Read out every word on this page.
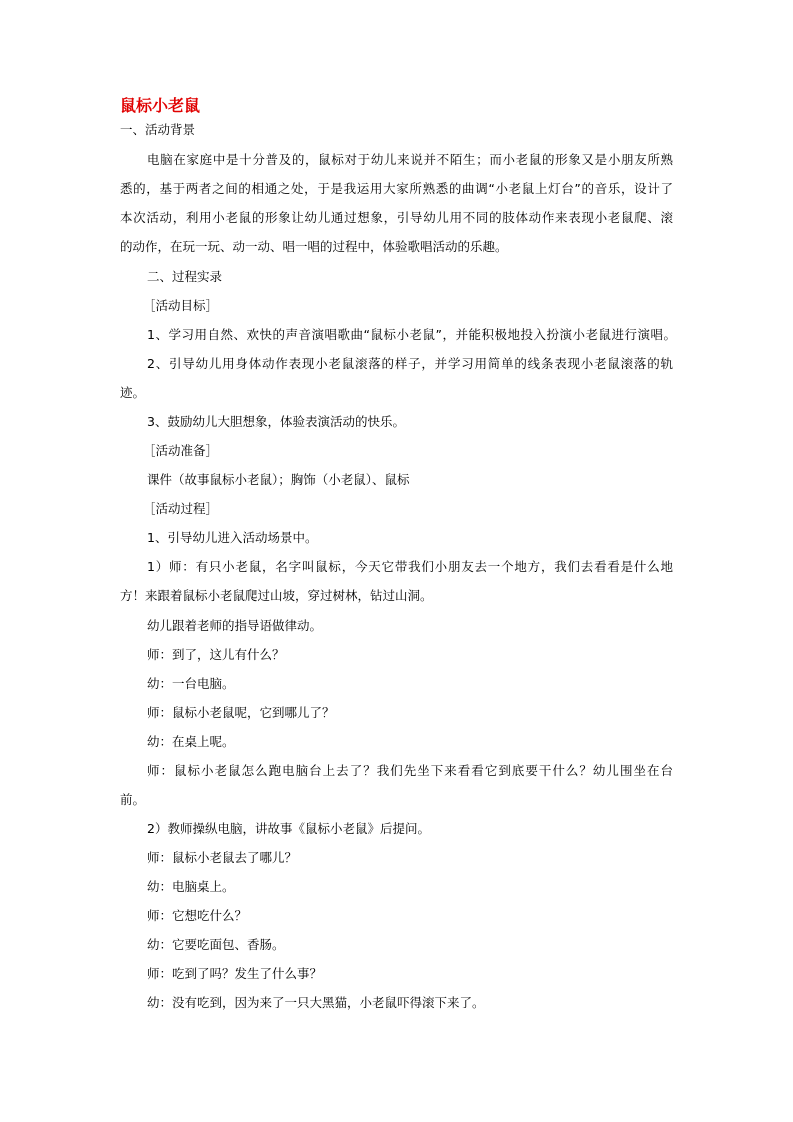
鼠标小老鼠
一、活动背景
电脑在家庭中是十分普及的，鼠标对于幼儿来说并不陌生；而小老鼠的形象又是小朋友所熟
悉的，基于两者之间的相通之处，于是我运用大家所熟悉的曲调“小老鼠上灯台”的音乐，设计了
本次活动，利用小老鼠的形象让幼儿通过想象，引导幼儿用不同的肢体动作来表现小老鼠爬、滚
的动作，在玩一玩、动一动、唱一唱的过程中，体验歌唱活动的乐趣。
二、过程实录
［活动目标］
1、学习用自然、欢快的声音演唱歌曲“鼠标小老鼠”，并能积极地投入扮演小老鼠进行演唱。
2、引导幼儿用身体动作表现小老鼠滚落的样子，并学习用简单的线条表现小老鼠滚落的轨
迹。
3、鼓励幼儿大胆想象，体验表演活动的快乐。
［活动准备］
课件（故事鼠标小老鼠）；胸饰（小老鼠）、鼠标
［活动过程］
1、引导幼儿进入活动场景中。
1）师：有只小老鼠，名字叫鼠标，今天它带我们小朋友去一个地方，我们去看看是什么地
方！来跟着鼠标小老鼠爬过山坡，穿过树林，钻过山洞。
幼儿跟着老师的指导语做律动。
师：到了，这儿有什么？
幼：一台电脑。
师：鼠标小老鼠呢，它到哪儿了？
幼：在桌上呢。
师：鼠标小老鼠怎么跑电脑台上去了？我们先坐下来看看它到底要干什么？幼儿围坐在台
前。
2）教师操纵电脑，讲故事《鼠标小老鼠》后提问。
师：鼠标小老鼠去了哪儿？
幼：电脑桌上。
师：它想吃什么？
幼：它要吃面包、香肠。
师：吃到了吗？发生了什么事？
幼：没有吃到，因为来了一只大黑猫，小老鼠吓得滚下来了。
